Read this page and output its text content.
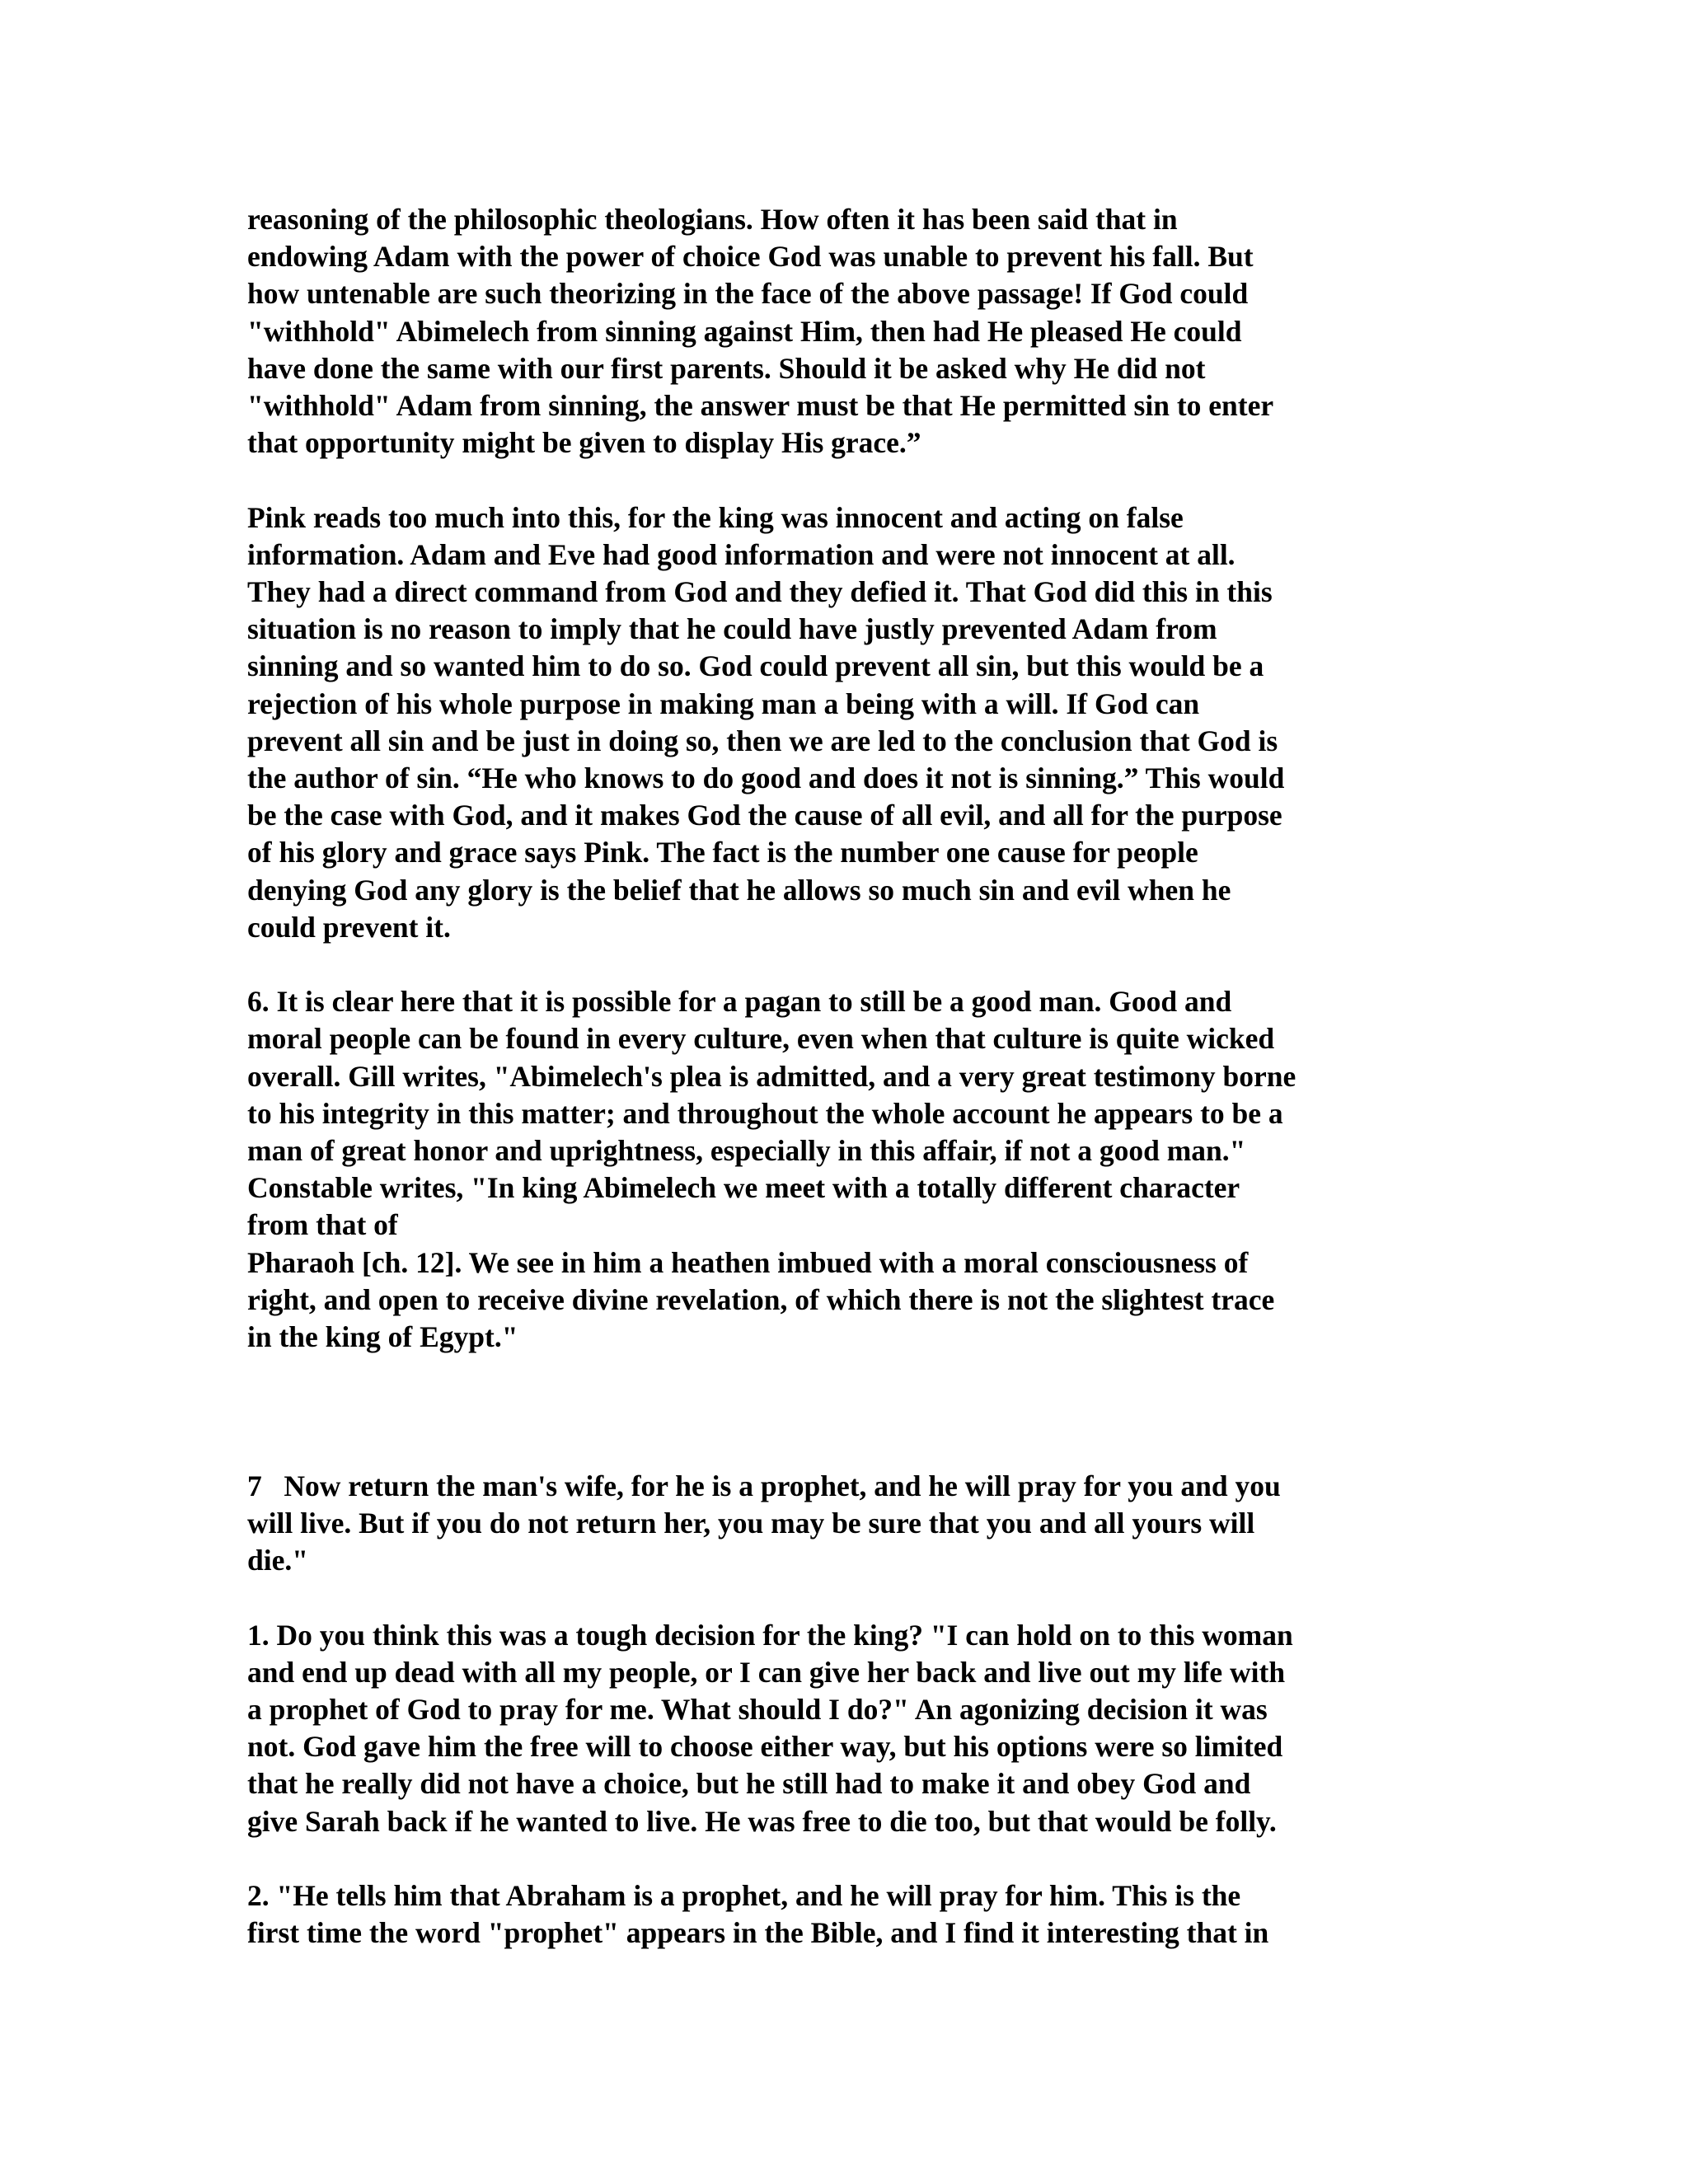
reasoning of the philosophic theologians. How often it has been said that in
endowing Adam with the power of choice God was unable to prevent his fall. But
how untenable are such theorizing in the face of the above passage! If God could
"withhold" Abimelech from sinning against Him, then had He pleased He could
have done the same with our first parents. Should it be asked why He did not
"withhold" Adam from sinning, the answer must be that He permitted sin to enter
that opportunity might be given to display His grace.”
Pink reads too much into this, for the king was innocent and acting on false
information. Adam and Eve had good information and were not innocent at all.
They had a direct command from God and they defied it. That God did this in this
situation is no reason to imply that he could have justly prevented Adam from
sinning and so wanted him to do so. God could prevent all sin, but this would be a
rejection of his whole purpose in making man a being with a will. If God can
prevent all sin and be just in doing so, then we are led to the conclusion that God is
the author of sin. “He who knows to do good and does it not is sinning.” This would
be the case with God, and it makes God the cause of all evil, and all for the purpose
of his glory and grace says Pink. The fact is the number one cause for people
denying God any glory is the belief that he allows so much sin and evil when he
could prevent it.
6. It is clear here that it is possible for a pagan to still be a good man. Good and
moral people can be found in every culture, even when that culture is quite wicked
overall. Gill writes, "Abimelech's plea is admitted, and a very great testimony borne
to his integrity in this matter; and throughout the whole account he appears to be a
man of great honor and uprightness, especially in this affair, if not a good man."
Constable writes, "In king Abimelech we meet with a totally different character
from that of
Pharaoh [ch. 12]. We see in him a heathen imbued with a moral consciousness of
right, and open to receive divine revelation, of which there is not the slightest trace
in the king of Egypt."
7   Now return the man's wife, for he is a prophet, and he will pray for you and you
will live. But if you do not return her, you may be sure that you and all yours will
die."
1. Do you think this was a tough decision for the king? "I can hold on to this woman
and end up dead with all my people, or I can give her back and live out my life with
a prophet of God to pray for me. What should I do?" An agonizing decision it was
not. God gave him the free will to choose either way, but his options were so limited
that he really did not have a choice, but he still had to make it and obey God and
give Sarah back if he wanted to live. He was free to die too, but that would be folly.
2. "He tells him that Abraham is a prophet, and he will pray for him. This is the
first time the word "prophet" appears in the Bible, and I find it interesting that in
